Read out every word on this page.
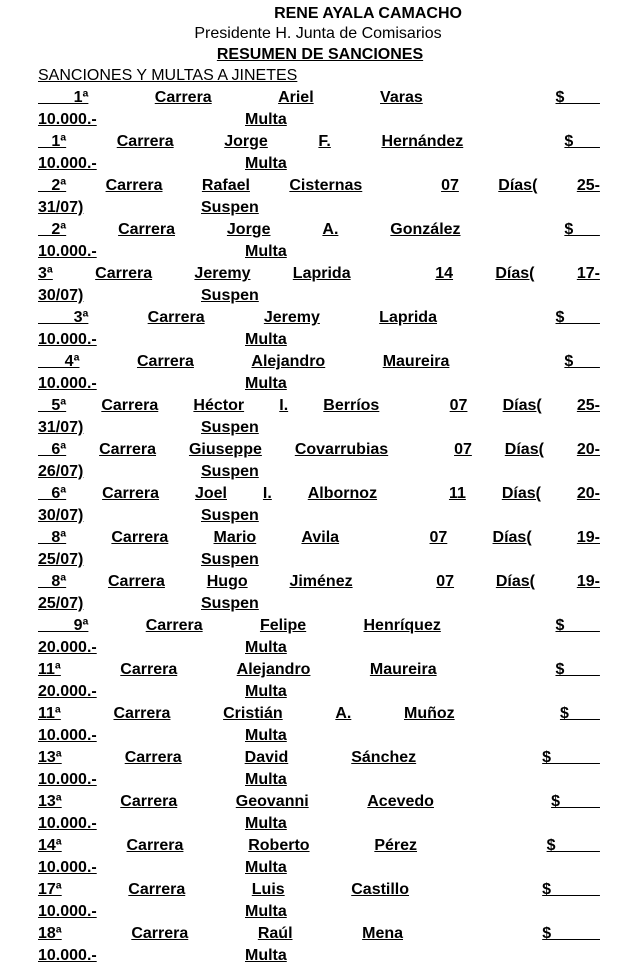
RENE AYALA CAMACHO
Presidente H. Junta de Comisarios
RESUMEN DE SANCIONES
SANCIONES Y MULTAS A JINETES
1ª	Carrera	Ariel	Varas	$
10.000.-	Multa
1ª	Carrera	Jorge	F.	Hernández	$
10.000.-	Multa
2ª Carrera Rafael Cisternas	07 Días( 25-
31/07)	Suspen
2ª	Carrera	Jorge	A.	González	$
10.000.-	Multa
3ª	Carrera	Jeremy	Laprida	14	Días(	17-
30/07)	Suspen
3ª	Carrera	Jeremy	Laprida	$
10.000.-	Multa
4ª	Carrera	Alejandro	Maureira	$
10.000.-	Multa
5ª Carrera Héctor I. Berríos	07 Días( 25-
31/07)	Suspen
6ª Carrera Giuseppe Covarrubias	07 Días( 20-
26/07)	Suspen
6ª Carrera Joel I. Albornoz	11 Días( 20-
30/07)	Suspen
8ª	Carrera	Mario	Avila	07	Días(	19-
25/07)	Suspen
8ª	Carrera	Hugo	Jiménez	07	Días(	19-
25/07)	Suspen
9ª	Carrera	Felipe	Henríquez	$
20.000.-	Multa
11ª	Carrera	Alejandro	Maureira	$
20.000.-	Multa
11ª	Carrera	Cristián	A.	Muñoz	$
10.000.-	Multa
13ª	Carrera	David	Sánchez	$
10.000.-	Multa
13ª	Carrera	Geovanni	Acevedo	$
10.000.-	Multa
14ª	Carrera	Roberto	Pérez	$
10.000.-	Multa
17ª	Carrera	Luis	Castillo	$
10.000.-	Multa
18ª	Carrera	Raúl	Mena	$
10.000.-	Multa
